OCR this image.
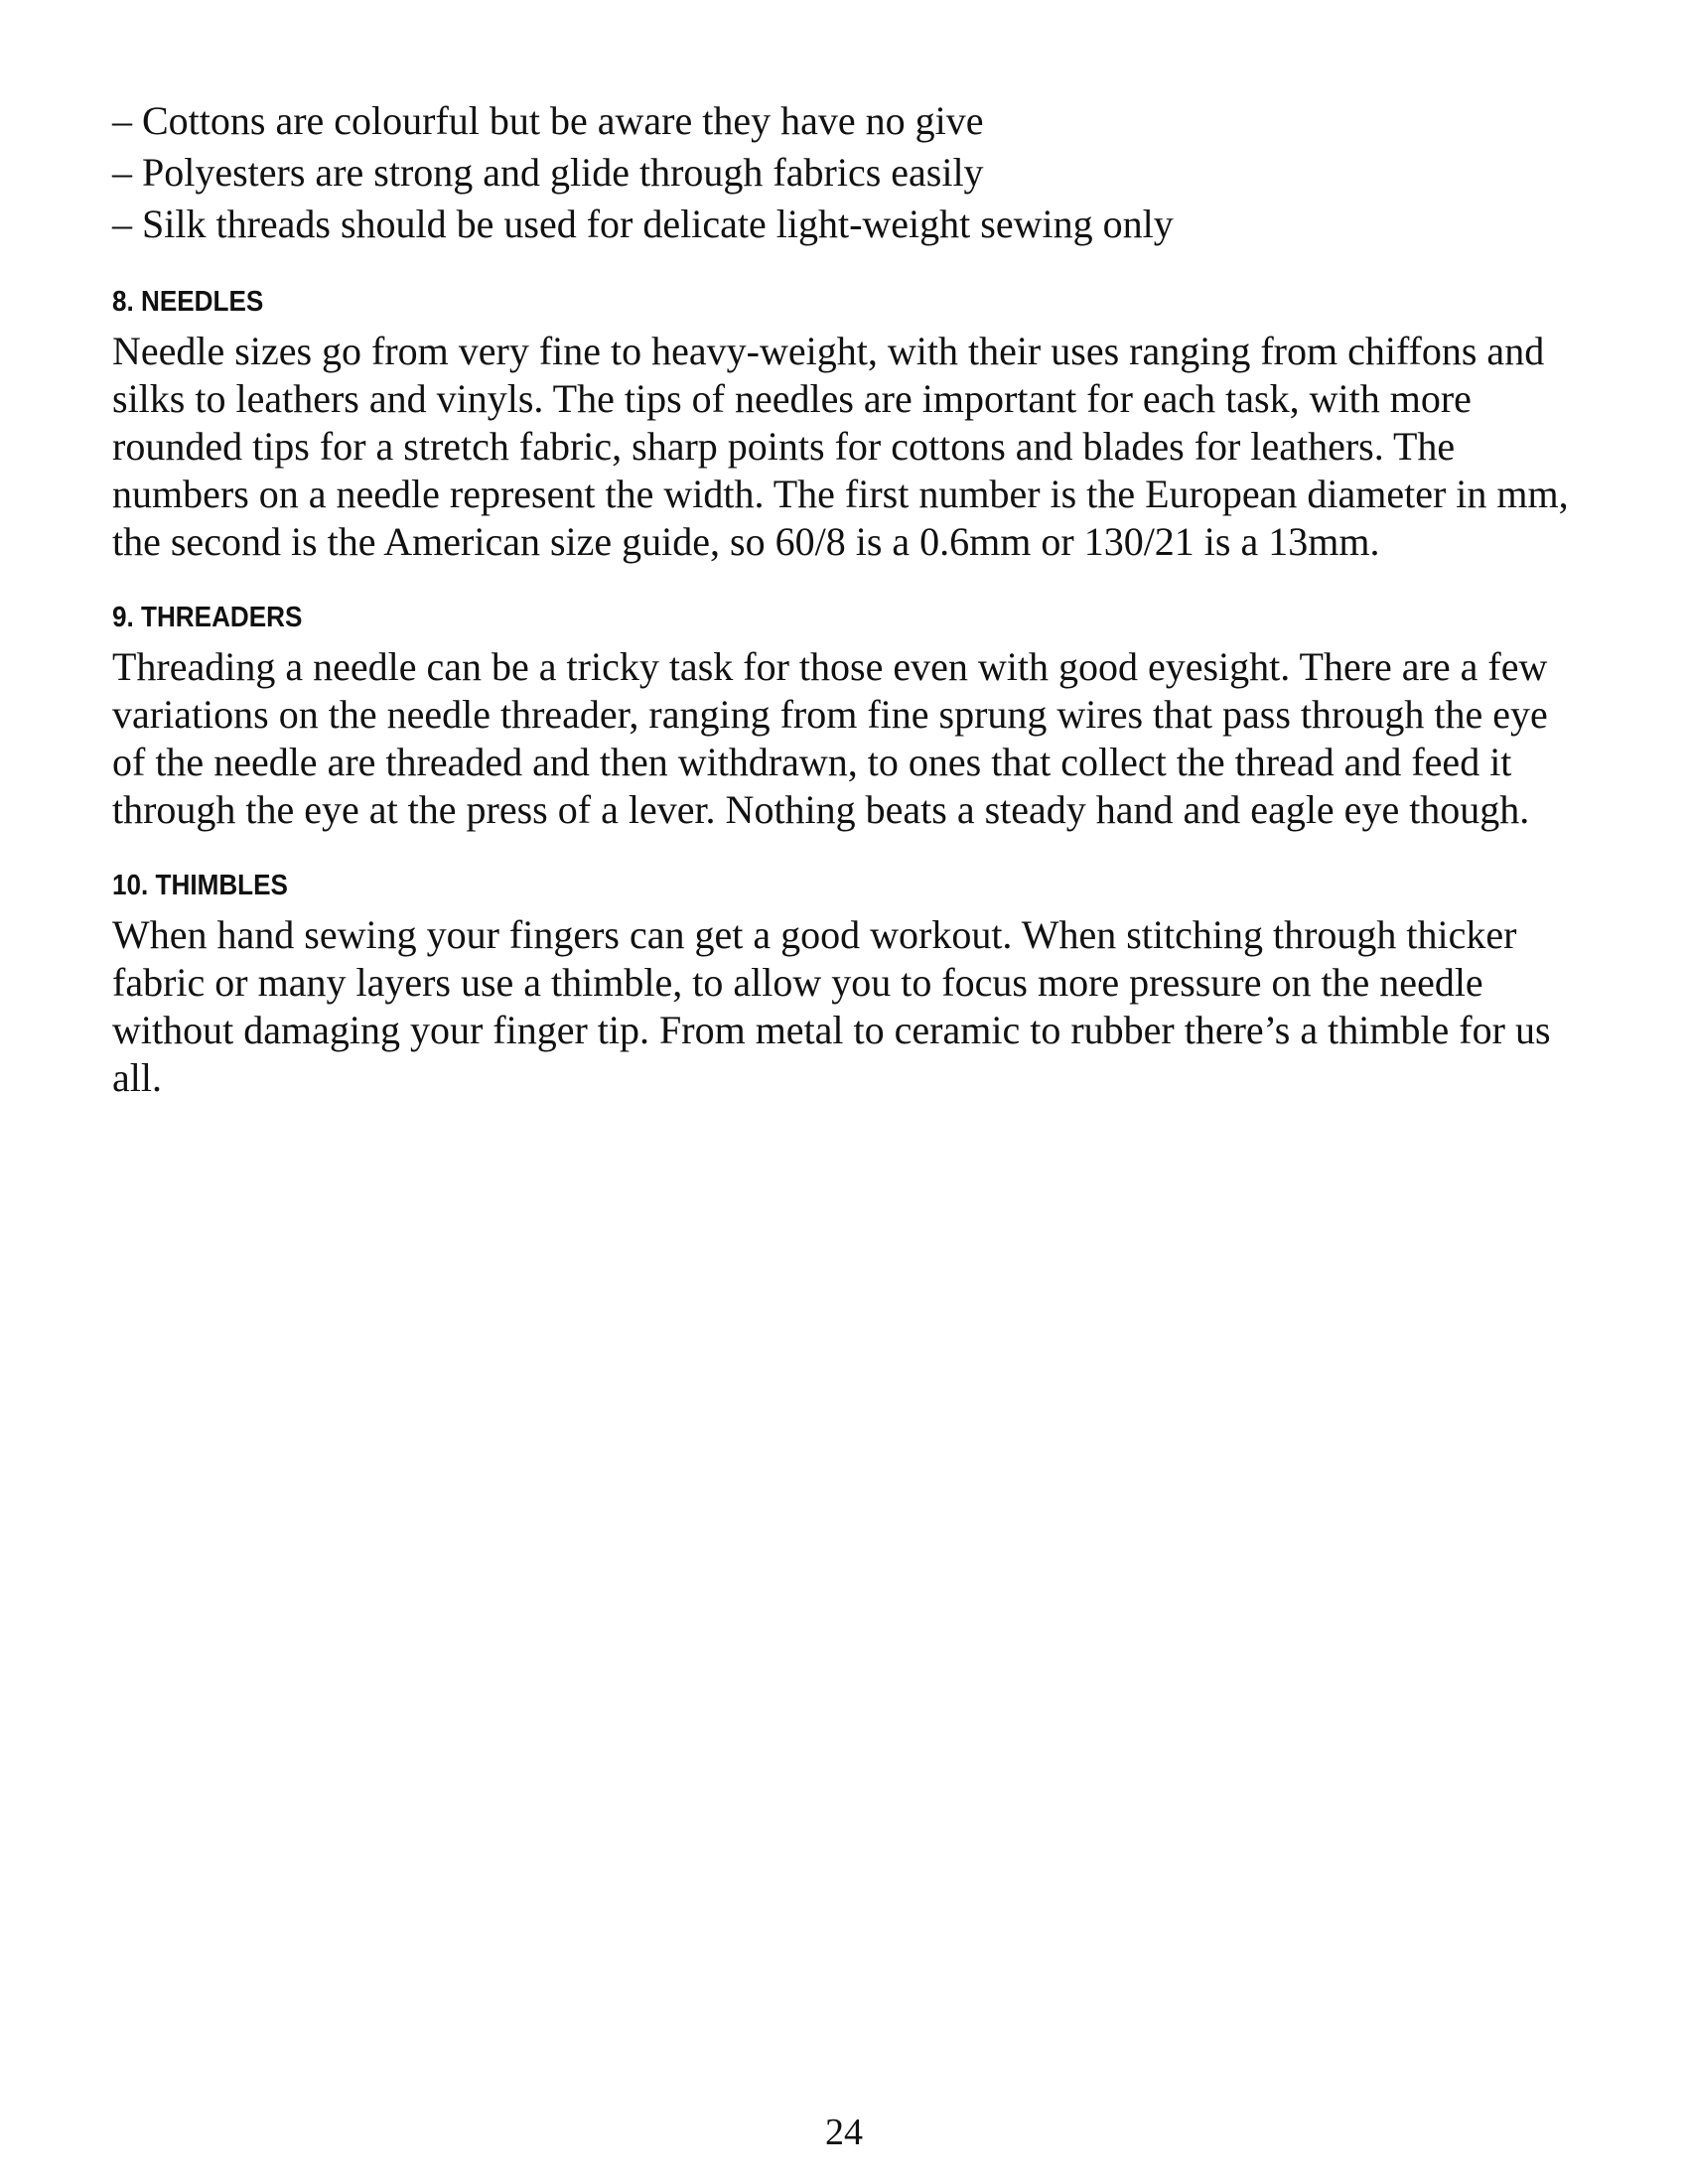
– Cottons are colourful but be aware they have no give
– Polyesters are strong and glide through fabrics easily
– Silk threads should be used for delicate light-weight sewing only
8. NEEDLES

Needle sizes go from very fine to heavy-weight, with their uses ranging from chiffons and silks to leathers and vinyls. The tips of needles are important for each task, with more rounded tips for a stretch fabric, sharp points for cottons and blades for leathers. The numbers on a needle represent the width. The first number is the European diameter in mm, the second is the American size guide, so 60/8 is a 0.6mm or 130/21 is a 13mm.

9. THREADERS

Threading a needle can be a tricky task for those even with good eyesight. There are a few variations on the needle threader, ranging from fine sprung wires that pass through the eye of the needle are threaded and then withdrawn, to ones that collect the thread and feed it through the eye at the press of a lever. Nothing beats a steady hand and eagle eye though.

10. THIMBLES

When hand sewing your fingers can get a good workout. When stitching through thicker fabric or many layers use a thimble, to allow you to focus more pressure on the needle without damaging your finger tip. From metal to ceramic to rubber there’s a thimble for us all.

24
